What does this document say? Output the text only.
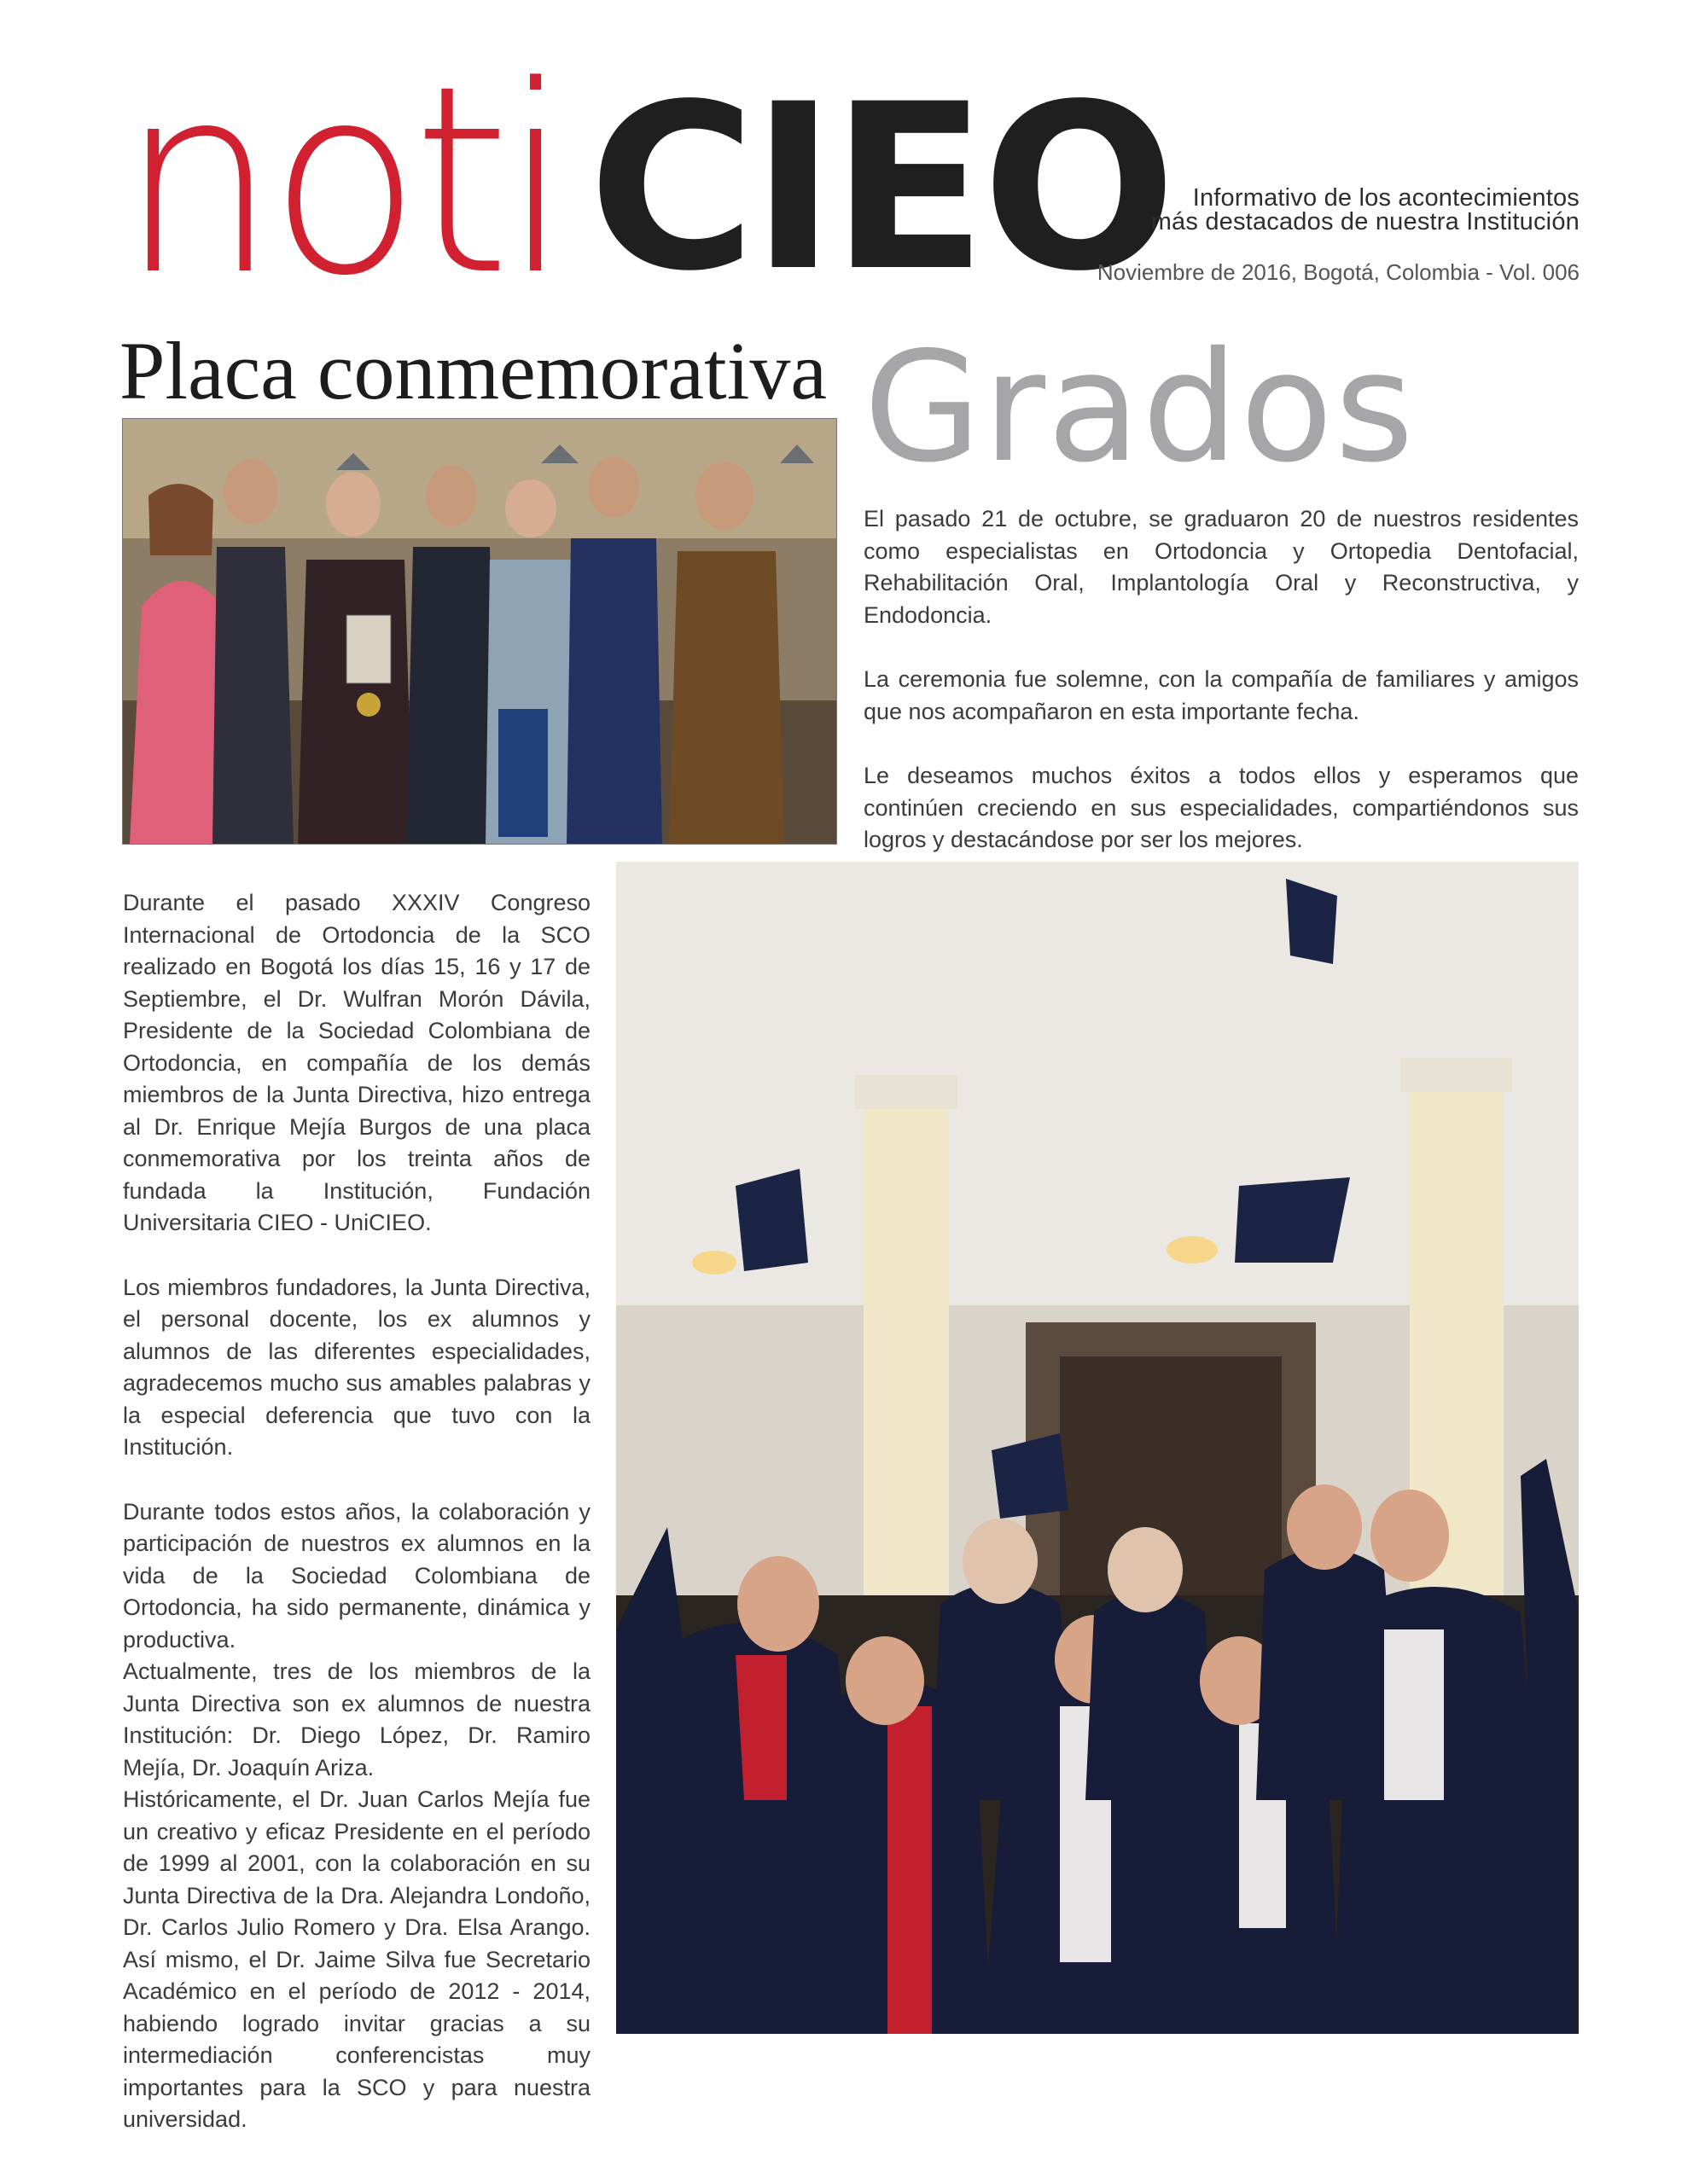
noti CIEO Informativo de los acontecimientos
más destacados de nuestra Institución
Noviembre de 2016, Bogotá, Colombia - Vol. 006
Placa conmemorativa Grados

El pasado 21 de octubre, se graduaron 20 de nuestros residentes como especialistas en Ortodoncia y Ortopedia Dentofacial, Rehabilitación Oral, Implantología Oral y Reconstructiva, y Endodoncia.

La ceremonia fue solemne, con la compañía de familiares y amigos que nos acompañaron en esta importante fecha.

Le deseamos muchos éxitos a todos ellos y esperamos que continúen creciendo en sus especialidades, compartiéndonos sus logros y destacándose por ser los mejores.

Durante el pasado XXXIV Congreso Internacional de Ortodoncia de la SCO realizado en Bogotá los días 15, 16 y 17 de Septiembre, el Dr. Wulfran Morón Dávila, Presidente de la Sociedad Colombiana de Ortodoncia, en compañía de los demás miembros de la Junta Directiva, hizo entrega al Dr. Enrique Mejía Burgos de una placa conmemorativa por los treinta años de fundada la Institución, Fundación Universitaria CIEO - UniCIEO.

Los miembros fundadores, la Junta Directiva, el personal docente, los ex alumnos y alumnos de las diferentes especialidades, agradecemos mucho sus amables palabras y la especial deferencia que tuvo con la Institución.

Durante todos estos años, la colaboración y participación de nuestros ex alumnos en la vida de la Sociedad Colombiana de Ortodoncia, ha sido permanente, dinámica y productiva.

Actualmente, tres de los miembros de la Junta Directiva son ex alumnos de nuestra Institución: Dr. Diego López, Dr. Ramiro Mejía, Dr. Joaquín Ariza.

Históricamente, el Dr. Juan Carlos Mejía fue un creativo y eficaz Presidente en el período de 1999 al 2001, con la colaboración en su Junta Directiva de la Dra. Alejandra Londoño, Dr. Carlos Julio Romero y Dra. Elsa Arango. Así mismo, el Dr. Jaime Silva fue Secretario Académico en el período de 2012 - 2014, habiendo logrado invitar gracias a su intermediación conferencistas muy importantes para la SCO y para nuestra universidad.
